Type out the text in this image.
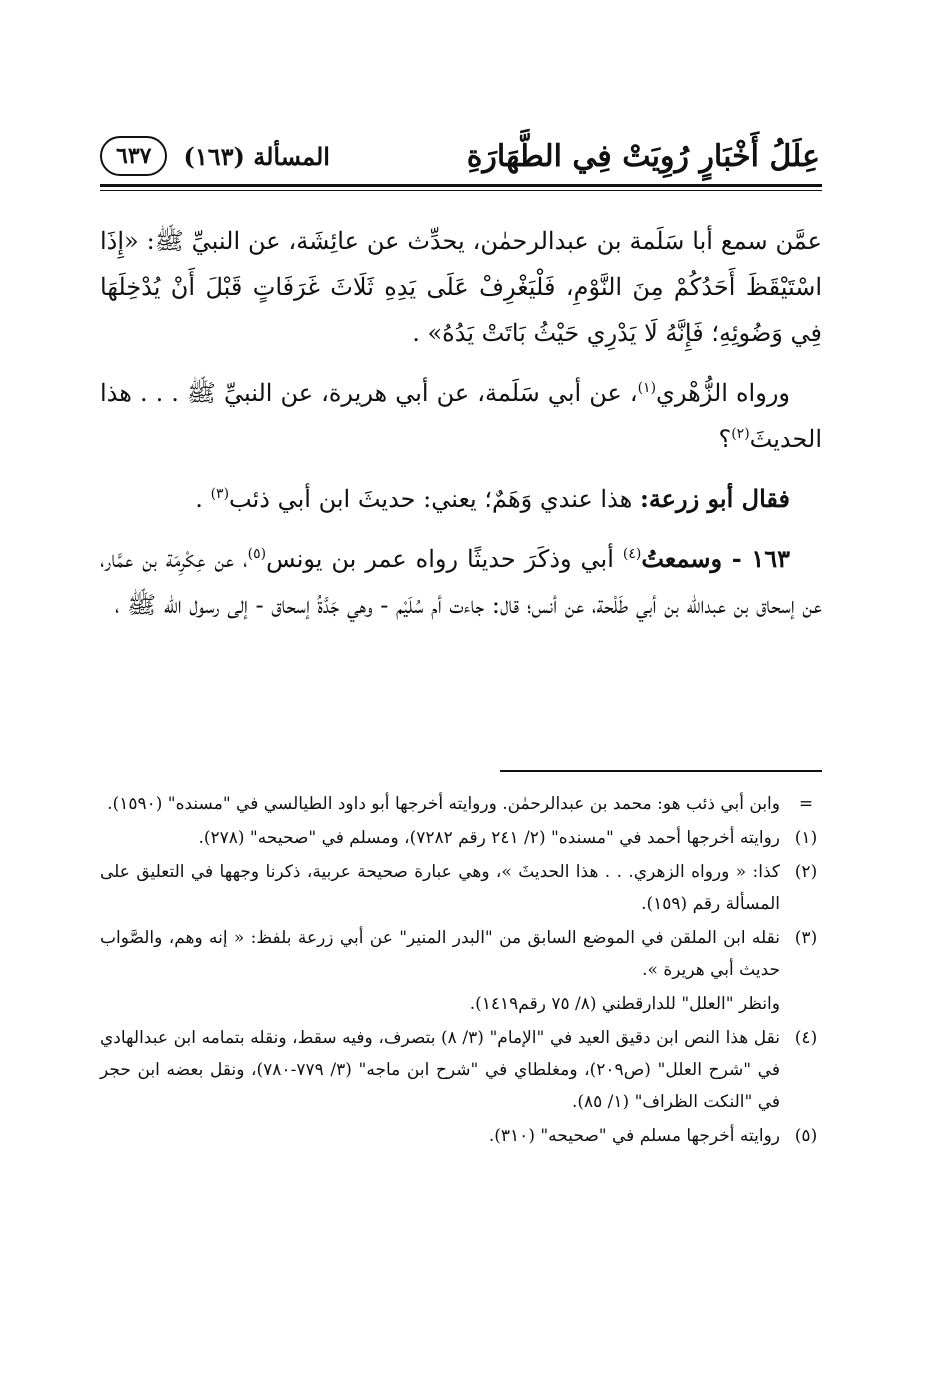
عِلَلُ أَخْبَارٍ رُوِيَتْ فِي الطَّهَارَةِ
المسألة (١٦٣)
٦٣٧

عمَّن سمع أبا سَلَمة بن عبدالرحمٰن، يحدِّث عن عائِشَة، عن النبيِّ ﷺ: «إِذَا اسْتَيْقَظَ أَحَدُكُمْ مِنَ النَّوْمِ، فَلْيَغْرِفْ عَلَى يَدِهِ ثَلَاثَ غَرَفَاتٍ قَبْلَ أَنْ يُدْخِلَهَا فِي وَضُوئِهِ؛ فَإِنَّهُ لَا يَدْرِي حَيْثُ بَاتَتْ يَدُهُ» .

ورواه الزُّهْري$^{(١)}$، عن أبي سَلَمة، عن أبي هريرة، عن النبيِّ ﷺ . . . هذا الحديثَ$^{(٢)}$؟

فقال أبو زرعة: هذا عندي وَهَمٌ؛ يعني: حديثَ ابن أبي ذئب$^{(٣)}$ .

١٦٣ - وسمعتُ$^{(٤)}$ أبي وذكَرَ حديثًا رواه عمر بن يونس$^{(٥)}$، عن عِكْرِمَة بن عمَّار، عن إسحاق بن عبدالله بن أبي طَلْحة، عن أنس؛ قال: جاءت أم سُلَيْم - وهي جَدَّةُ إسحاق - إلى رسول الله ﷺ ،

=
وابن أبي ذئب هو: محمد بن عبدالرحمٰن. وروايته أخرجها أبو داود الطيالسي في "مسنده" (١٥٩٠).
(١)
روايته أخرجها أحمد في "مسنده" (٢/ ٢٤١ رقم ٧٢٨٢)، ومسلم في "صحيحه" (٢٧٨).
(٢)
كذا: « ورواه الزهري. . . هذا الحديثَ »، وهي عبارة صحيحة عربية، ذكرنا وجهها في التعليق على المسألة رقم (١٥٩).
(٣)
نقله ابن الملقن في الموضع السابق من "البدر المنير" عن أبي زرعة بلفظ: « إنه وهم، والصَّواب حديث أبي هريرة ».
وانظر "العلل" للدارقطني (٨/ ٧٥ رقم١٤١٩).
(٤)
نقل هذا النص ابن دقيق العيد في "الإمام" (٣/ ٨) بتصرف، وفيه سقط، ونقله بتمامه ابن عبدالهادي في "شرح العلل" (ص٢٠٩)، ومغلطاي في "شرح ابن ماجه" (٣/ ٧٧٩-٧٨٠)، ونقل بعضه ابن حجر في "النكت الظراف" (١/ ٨٥).
(٥)
روايته أخرجها مسلم في "صحيحه" (٣١٠).
